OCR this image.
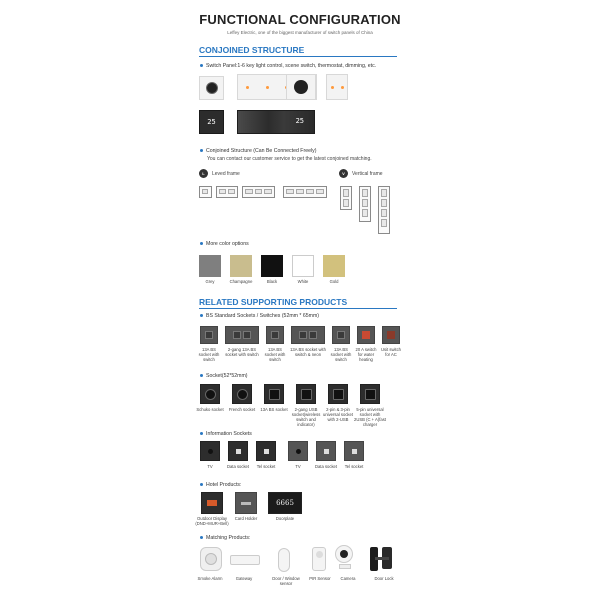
FUNCTIONAL CONFIGURATION
Leffey Electric, one of the biggest manufacturer of switch panels of China
CONJOINED STRUCTURE
Switch Panel:1-6 key light control, scene switch, thermostat, dimming, etc.
25	25
Conjoined Structure (Can Be Connected Freely)
You can contact our customer service to get the latest conjoined matching.
L	Leved frame	V	Vertical frame
More color options
Grey	Champagne	Black	White	Gold
RELATED SUPPORTING PRODUCTS
BS Standard Sockets / Switches (52mm * 65mm)
13A BS socket with switch
2-gang 13A BS socket with switch
13A BS socket with switch
13A BS socket with switch & neon
13A BS socket with switch
20 A switch for water heating
Usit switch for AC
Socket(52*52mm)
Schuko socket	French socket	13A BS socket	2-gang USB socket(wireless switch and indicator)
2-pin & 3-pin universal socket with 2-USB
5-pin universal socket with 2USB (C + A)fast charger
Information Sockets
TV	Data socket	Tel socket	TV	Data socket	Tel socket
Hotel Products:
Outdoor Display (DND+MUR+Bell)
Card Holder
6665
Doorplate
Matching Products:
Smoke Alarm	Gateway	Door / Window sensor
PIR Sensor	Camera	Door Lock
